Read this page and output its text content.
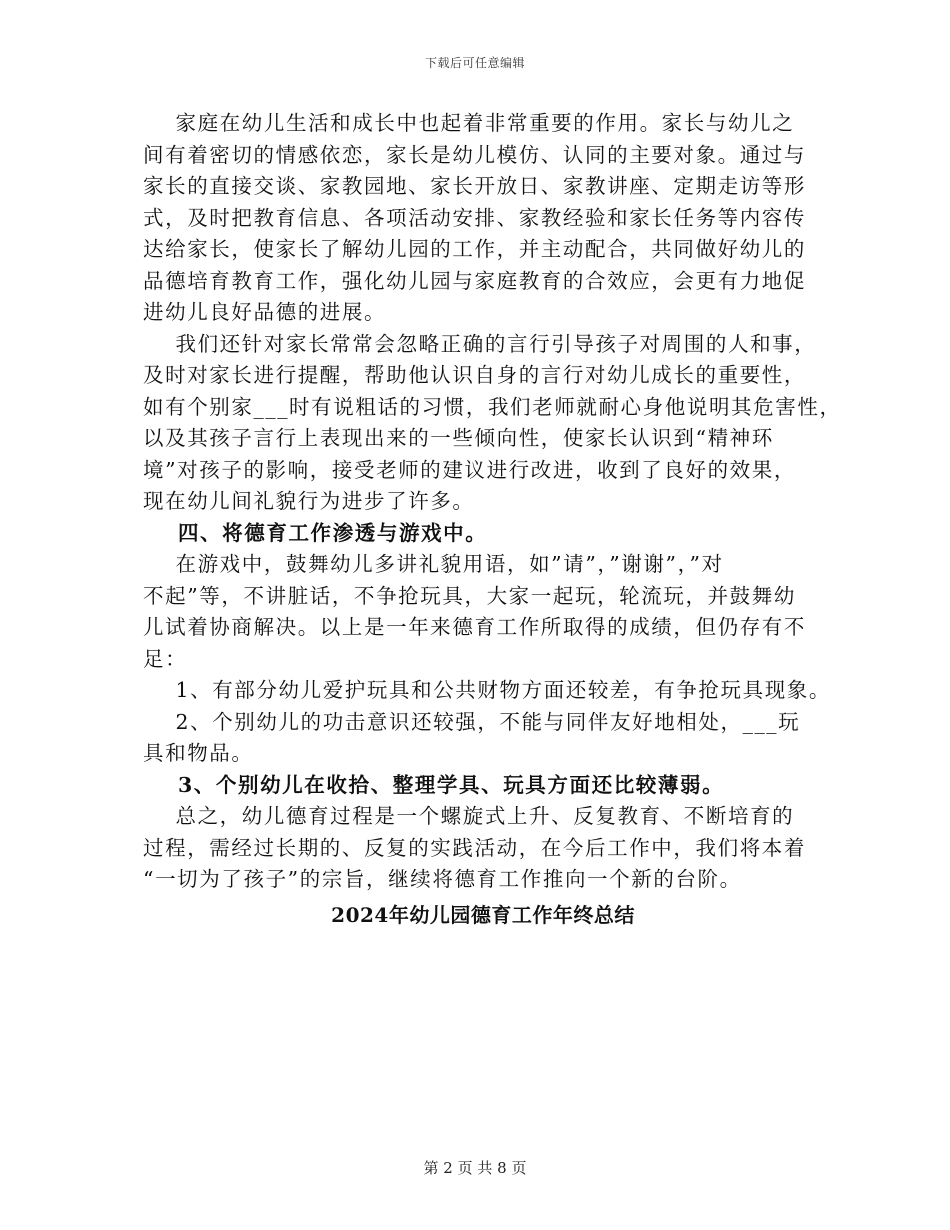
下载后可任意编辑
家庭在幼儿生活和成长中也起着非常重要的作用。家长与幼儿之
间有着密切的情感依恋，家长是幼儿模仿、认同的主要对象。通过与
家长的直接交谈、家教园地、家长开放日、家教讲座、定期走访等形
式，及时把教育信息、各项活动安排、家教经验和家长任务等内容传
达给家长，使家长了解幼儿园的工作，并主动配合，共同做好幼儿的
品德培育教育工作，强化幼儿园与家庭教育的合效应，会更有力地促
进幼儿良好品德的进展。
我们还针对家长常常会忽略正确的言行引导孩子对周围的人和事，
及时对家长进行提醒，帮助他认识自身的言行对幼儿成长的重要性，
如有个别家___时有说粗话的习惯，我们老师就耐心身他说明其危害性，
以及其孩子言行上表现出来的一些倾向性，使家长认识到“精神环
境”对孩子的影响，接受老师的建议进行改进，收到了良好的效果，
现在幼儿间礼貌行为进步了许多。
四、将德育工作渗透与游戏中。
在游戏中，鼓舞幼儿多讲礼貌用语，如”请”，”谢谢”，”对
不起”等，不讲脏话，不争抢玩具，大家一起玩，轮流玩，并鼓舞幼
儿试着协商解决。以上是一年来德育工作所取得的成绩，但仍存有不
足：
1、有部分幼儿爱护玩具和公共财物方面还较差，有争抢玩具现象。
2、个别幼儿的功击意识还较强，不能与同伴友好地相处，___玩
具和物品。
3、个别幼儿在收拾、整理学具、玩具方面还比较薄弱。
总之，幼儿德育过程是一个螺旋式上升、反复教育、不断培育的
过程，需经过长期的、反复的实践活动，在今后工作中，我们将本着
“一切为了孩子”的宗旨，继续将德育工作推向一个新的台阶。
2024年幼儿园德育工作年终总结
第 2 页 共 8 页
